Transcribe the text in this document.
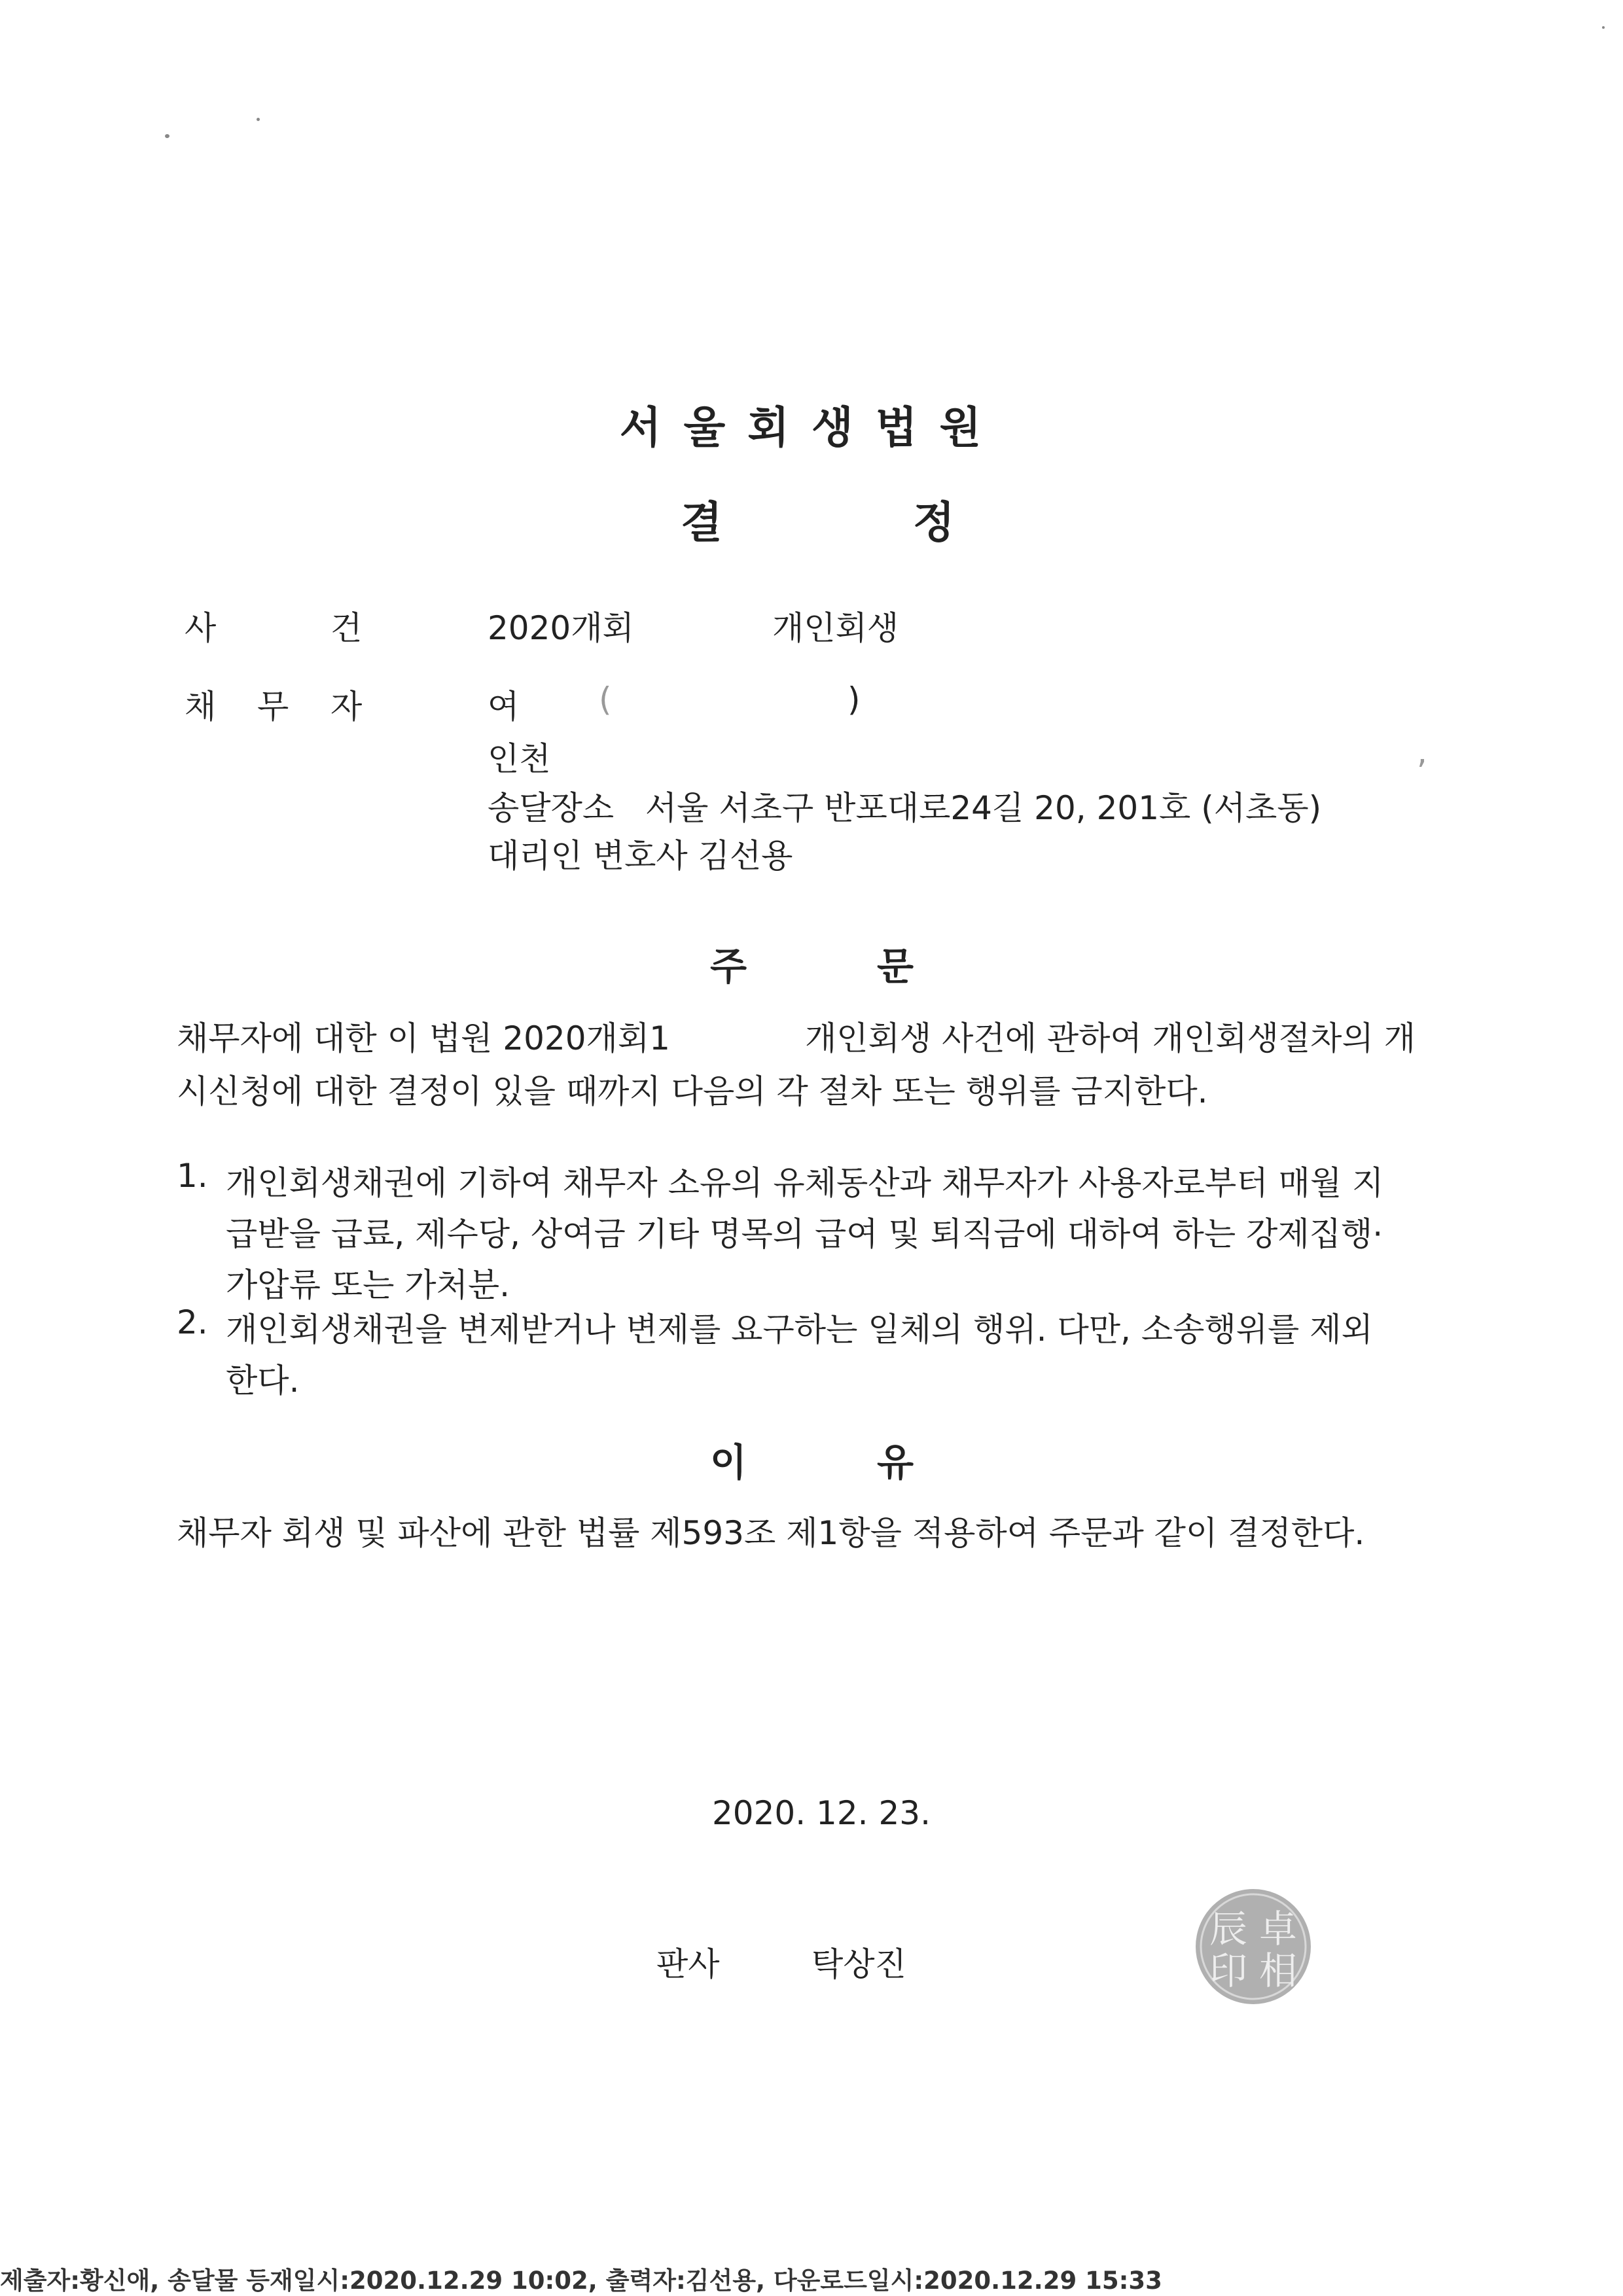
서울회생법원
결	정
사	건	2020개회	개인회생
채 무 자	여 (	)
인천	,
송달장소   서울 서초구 반포대로24길 20, 201호 (서초동)
대리인 변호사 김선용
주	문
채무자에 대한 이 법원 2020개회1	개인회생 사건에 관하여 개인회생절차의 개
시신청에 대한 결정이 있을 때까지 다음의 각 절차 또는 행위를 금지한다.
1. 개인회생채권에 기하여 채무자 소유의 유체동산과 채무자가 사용자로부터 매월 지
급받을 급료, 제수당, 상여금 기타 명목의 급여 및 퇴직금에 대하여 하는 강제집행·
가압류 또는 가처분.
2. 개인회생채권을 변제받거나 변제를 요구하는 일체의 행위. 다만, 소송행위를 제외
한다.
이	유
채무자 회생 및 파산에 관한 법률 제593조 제1항을 적용하여 주문과 같이 결정한다.
2020. 12. 23.
판사	탁상진
辰 卓
印 相
제출자:황신애, 송달물 등재일시:2020.12.29 10:02, 출력자:김선용, 다운로드일시:2020.12.29 15:33
